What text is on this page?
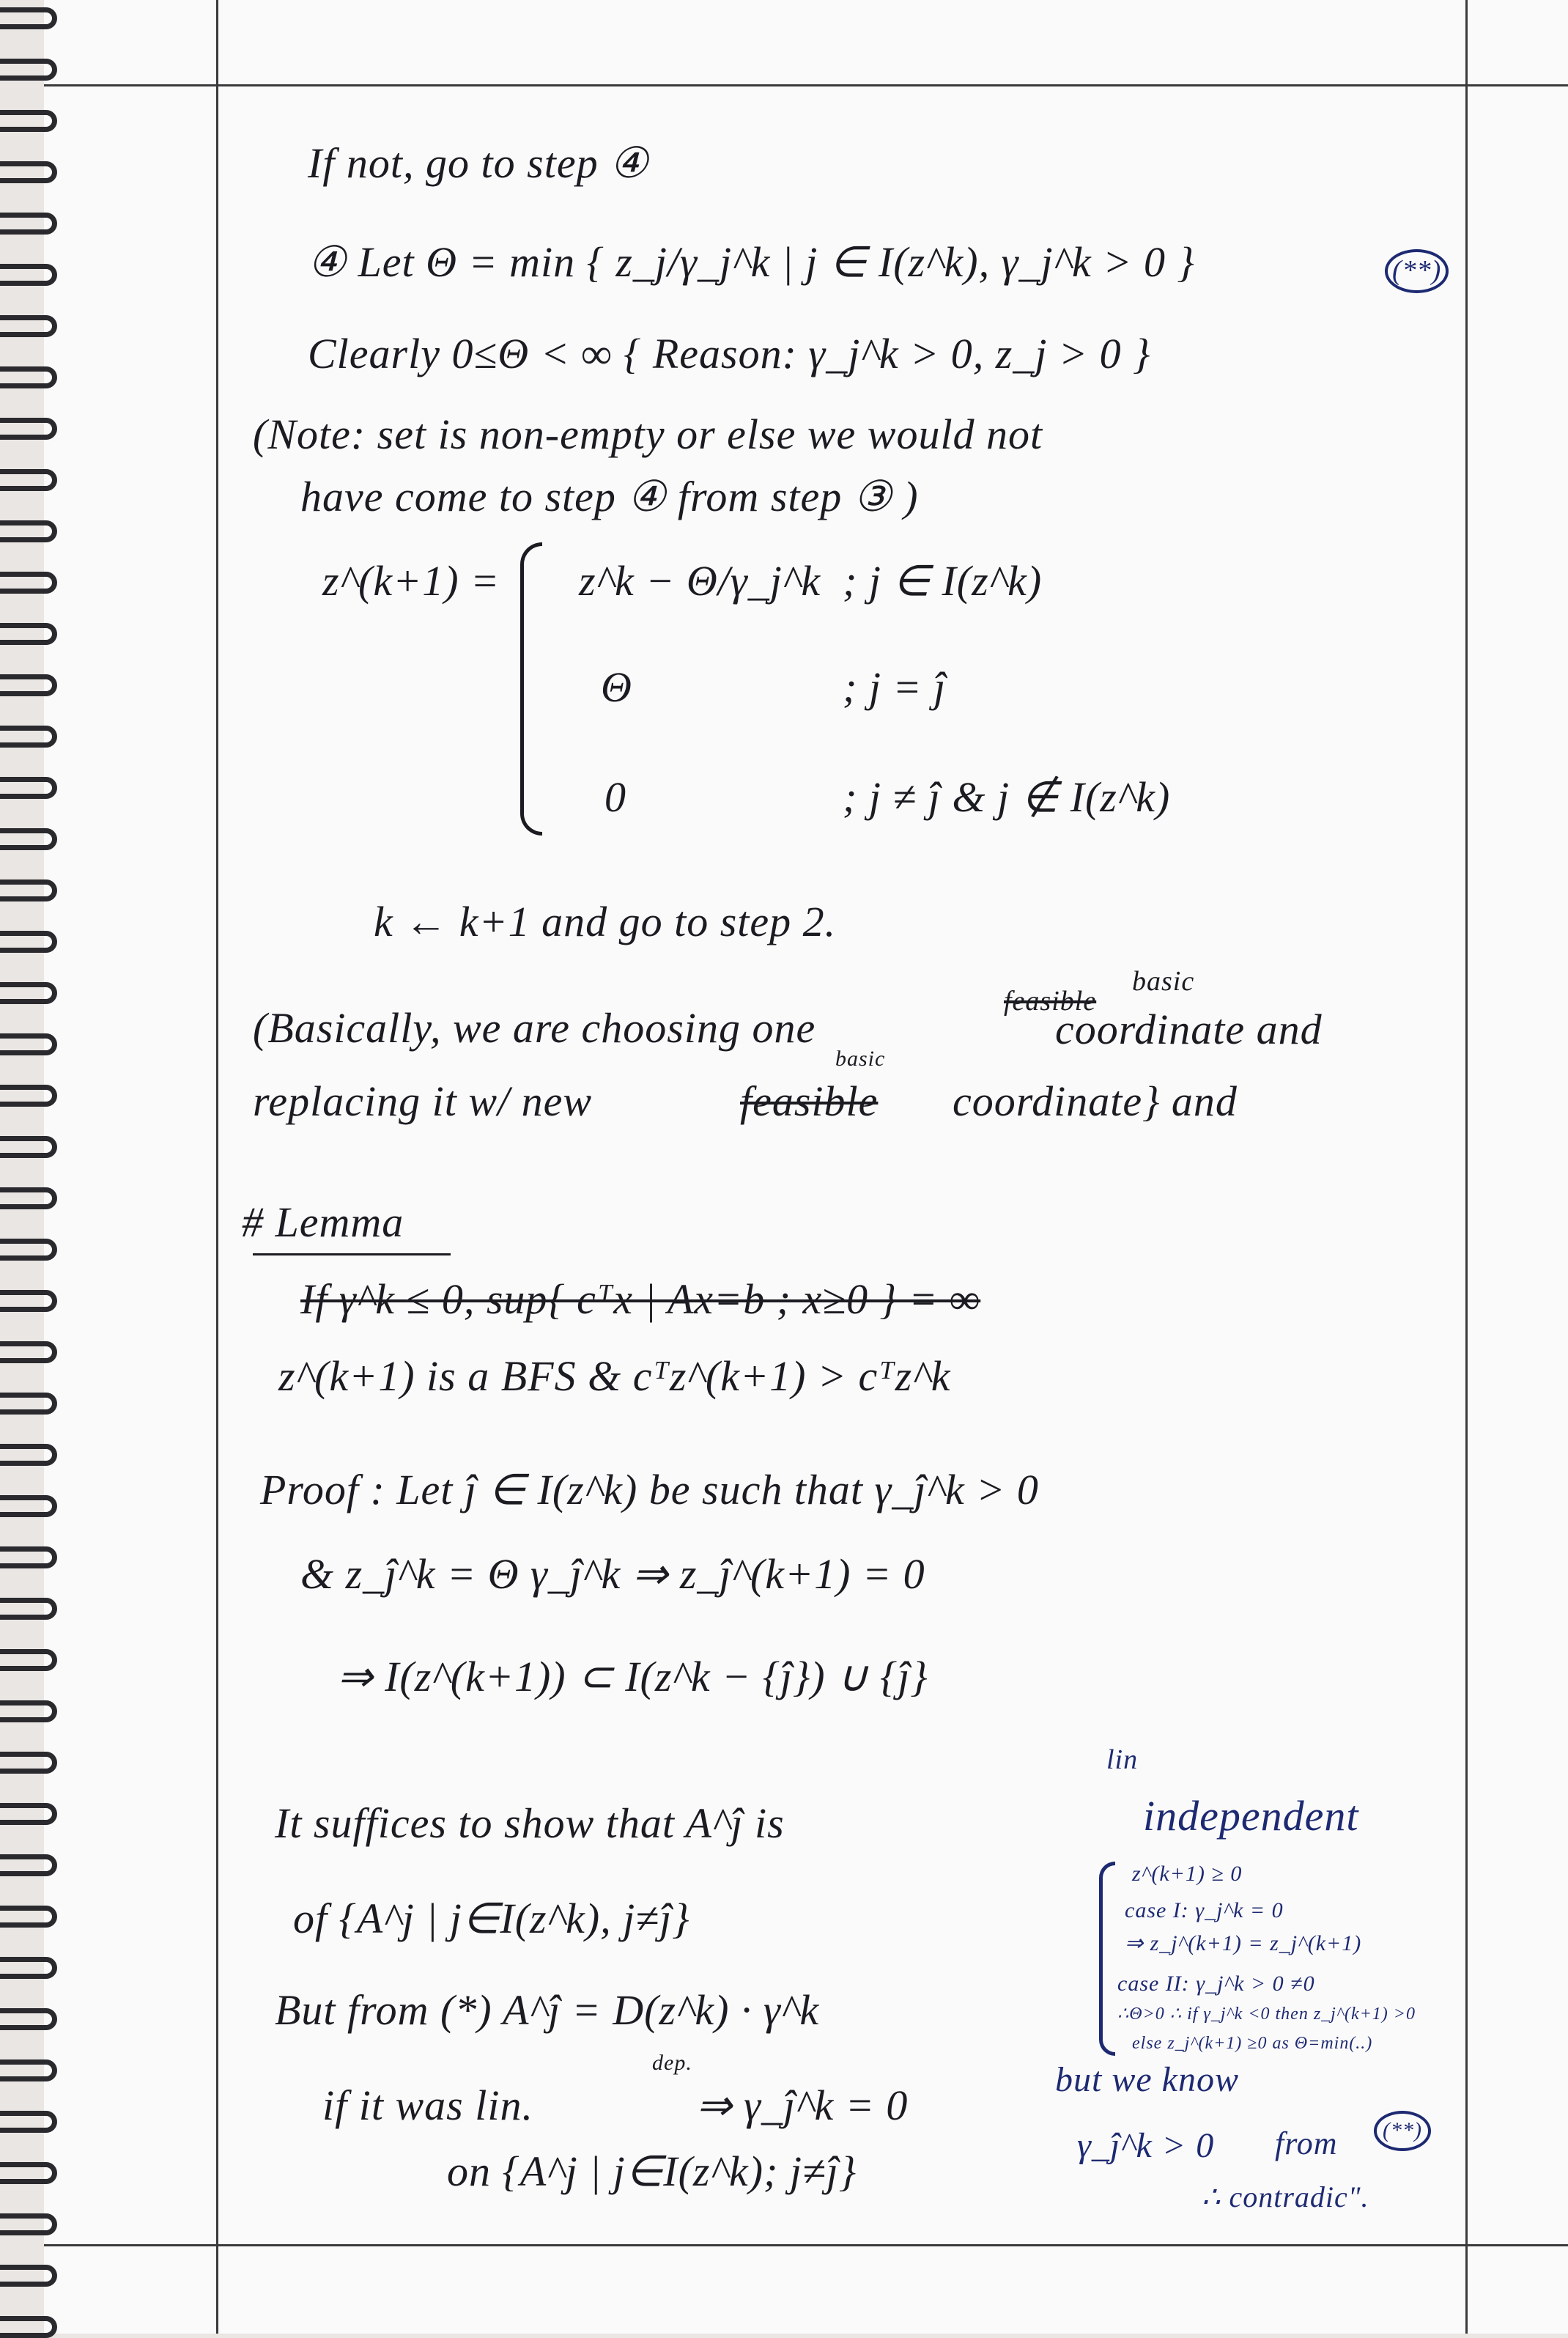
If not, go to step ④
④ Let Θ = min { z_j/γ_j^k | j ∈ I(z^k), γ_j^k > 0 }	(**)
Clearly 0≤Θ < ∞ { Reason: γ_j^k > 0, z_j > 0 }
(Note: set is non-empty or else we would not
have come to step ④ from step ③ )
z^(k+1) = z^k − Θ/γ_j^k ; j ∈ I(z^k)
Θ	; j = ĵ
0	; j ≠ ĵ & j ∉ I(z^k)
k ← k+1 and go to step 2.
(Basically, we are choosing one
feasible
basic
coordinate and
replacing it w/ new	feasible
basic
coordinate} and
# Lemma
If γ^k ≤ 0, sup{ cᵀx | Ax=b ; x≥0 } = ∞
z^(k+1) is a BFS & cᵀz^(k+1) > cᵀz^k
Proof : Let ĵ ∈ I(z^k) be such that γ_ĵ^k > 0
& z_ĵ^k = Θ γ_ĵ^k ⇒ z_ĵ^(k+1) = 0
⇒ I(z^(k+1)) ⊂ I(z^k − {ĵ}) ∪ {ĵ}
It suffices to show that A^ĵ is
lin
independent
of {A^j | j∈I(z^k), j≠ĵ}
But from (*) A^ĵ = D(z^k) · γ^k
if it was lin.
dep.
⇒ γ_ĵ^k = 0
on {A^j | j∈I(z^k); j≠ĵ}
z^(k+1) ≥ 0
case I: γ_j^k = 0
⇒ z_j^(k+1) = z_j^(k+1)
case II: γ_j^k > 0 ≠0
∴Θ>0 ∴ if γ_j^k <0 then z_j^(k+1) >0
else z_j^(k+1) ≥0 as Θ=min(..)
but we know
γ_ĵ^k > 0 from	(**)
∴ contradic".
